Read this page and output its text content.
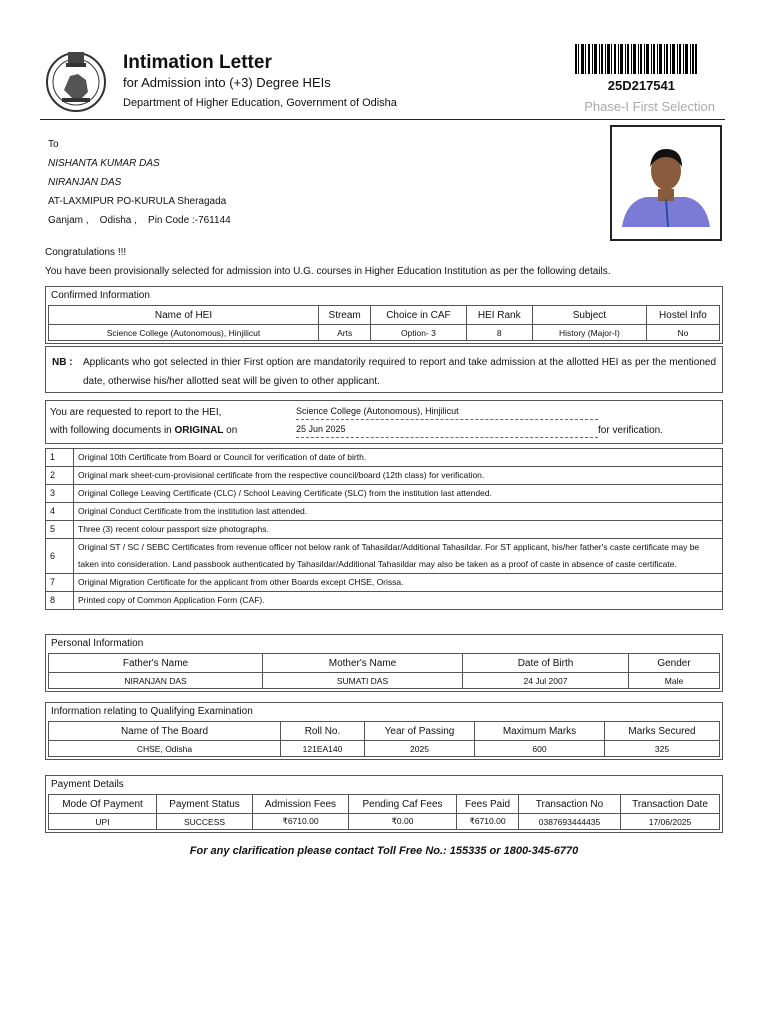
Intimation Letter
for Admission into (+3) Degree HEIs
Department of Higher Education, Government of Odisha
25D217541
Phase-I First Selection
To
NISHANTA KUMAR DAS
NIRANJAN DAS
AT-LAXMIPUR PO-KURULA Sheragada
Ganjam ,    Odisha ,    Pin Code :-761144
Congratulations !!!
You have been provisionally selected for admission into U.G. courses in Higher Education Institution as per the following details.
Confirmed Information
Name of HEI	Stream	Choice in CAF	HEI Rank	Subject	Hostel Info
Science College (Autonomous), Hinjilicut	Arts	Option- 3	8	History (Major-I)	No
NB : Applicants who got selected in thier First option are mandatorily required to report and take admission at the allotted HEI as per the mentioned date, otherwise his/her allotted seat will be given to other applicant.
You are requested to report to the HEI,
with following documents in ORIGINAL on
Science College (Autonomous), Hinjilicut
25 Jun 2025	for verification.
1	Original 10th Certificate from Board or Council for verification of date of birth.
2	Original mark sheet-cum-provisional certificate from the respective council/board (12th class) for verification.
3	Original College Leaving Certificate (CLC) / School Leaving Certificate (SLC) from the institution last attended.
4	Original Conduct Certificate from the institution last attended.
5	Three (3) recent colour passport size photographs.
6	Original ST / SC / SEBC Certificates from revenue officer not below rank of Tahasildar/Additional Tahasildar. For ST applicant, his/her father's caste certificate may be taken into consideration. Land passbook authenticated by Tahasildar/Additional Tahasildar may also be taken as a proof of caste in absence of caste certificate.
7	Original Migration Certificate for the applicant from other Boards except CHSE, Orissa.
8	Printed copy of Common Application Form (CAF).
Personal Information
Father's Name	Mother's Name	Date of Birth	Gender
NIRANJAN DAS	SUMATI DAS	24 Jul 2007	Male
Information relating to Qualifying Examination
Name of The Board	Roll No.	Year of Passing	Maximum Marks	Marks Secured
CHSE, Odisha	121EA140	2025	600	325
Payment Details
Mode Of Payment	Payment Status	Admission Fees	Pending Caf Fees	Fees Paid	Transaction No	Transaction Date
UPI	SUCCESS	₹6710.00	₹0.00	₹6710.00	0387693444435	17/06/2025
For any clarification please contact Toll Free No.: 155335 or 1800-345-6770
